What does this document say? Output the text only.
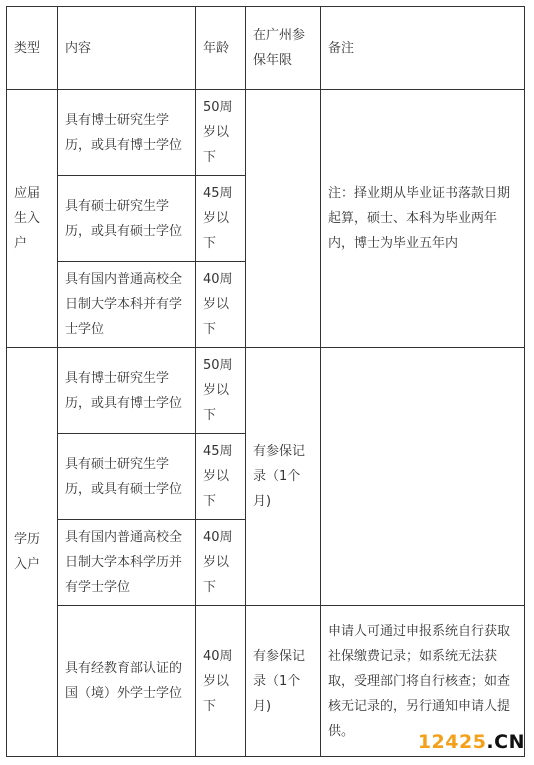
类型	内容	年龄	在广州参保年限	备注
应届生入户	具有博士研究生学历，或具有博士学位	50周岁以下		注：择业期从毕业证书落款日期起算，硕士、本科为毕业两年内，博士为毕业五年内
	具有硕士研究生学历，或具有硕士学位	45周岁以下		
	具有国内普通高校全日制大学本科并有学士学位	40周岁以下		
学历入户	具有博士研究生学历，或具有博士学位	50周岁以下	有参保记录（1个月)	
	具有硕士研究生学历，或具有硕士学位	45周岁以下		
	具有国内普通高校全日制大学本科学历并有学士学位	40周岁以下		
	具有经教育部认证的国（境）外学士学位	40周岁以下	有参保记录（1个月)	申请人可通过申报系统自行获取社保缴费记录；如系统无法获取，受理部门将自行核查；如查核无记录的，另行通知申请人提供。	12425.CN
